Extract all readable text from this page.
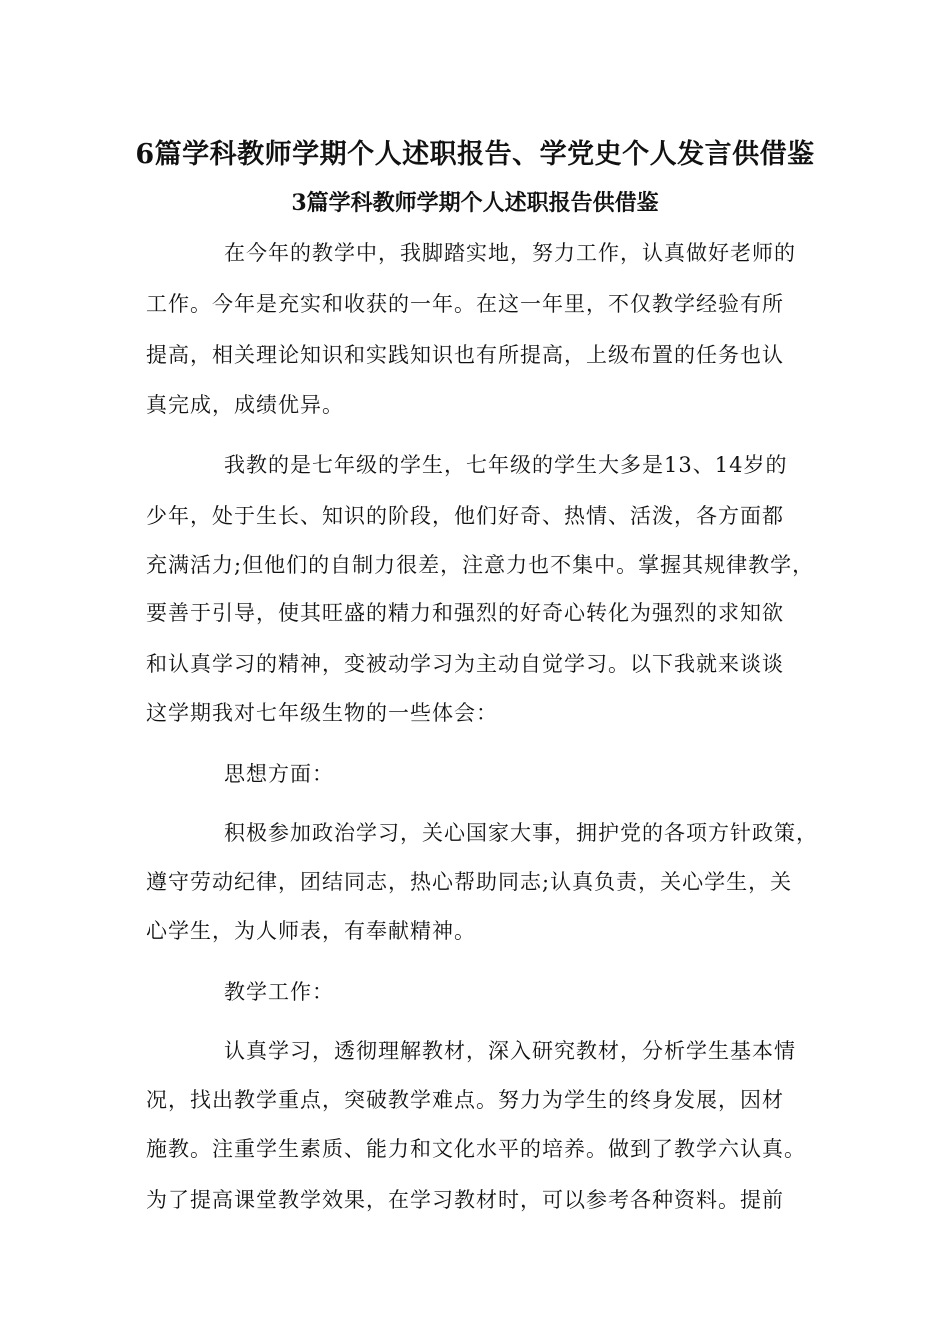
6篇学科教师学期个人述职报告、学党史个人发言供借鉴
3篇学科教师学期个人述职报告供借鉴

在今年的教学中，我脚踏实地，努力工作，认真做好老师的

工作。今年是充实和收获的一年。在这一年里，不仅教学经验有所

提高，相关理论知识和实践知识也有所提高，上级布置的任务也认

真完成，成绩优异。

我教的是七年级的学生，七年级的学生大多是13、14岁的

少年，处于生长、知识的阶段，他们好奇、热情、活泼，各方面都

充满活力;但他们的自制力很差，注意力也不集中。掌握其规律教学，

要善于引导，使其旺盛的精力和强烈的好奇心转化为强烈的求知欲

和认真学习的精神，变被动学习为主动自觉学习。以下我就来谈谈

这学期我对七年级生物的一些体会：

思想方面：

积极参加政治学习，关心国家大事，拥护党的各项方针政策，

遵守劳动纪律，团结同志，热心帮助同志;认真负责，关心学生，关

心学生，为人师表，有奉献精神。

教学工作：

认真学习，透彻理解教材，深入研究教材，分析学生基本情

况，找出教学重点，突破教学难点。努力为学生的终身发展，因材

施教。注重学生素质、能力和文化水平的培养。做到了教学六认真。

为了提高课堂教学效果，在学习教材时，可以参考各种资料。提前
